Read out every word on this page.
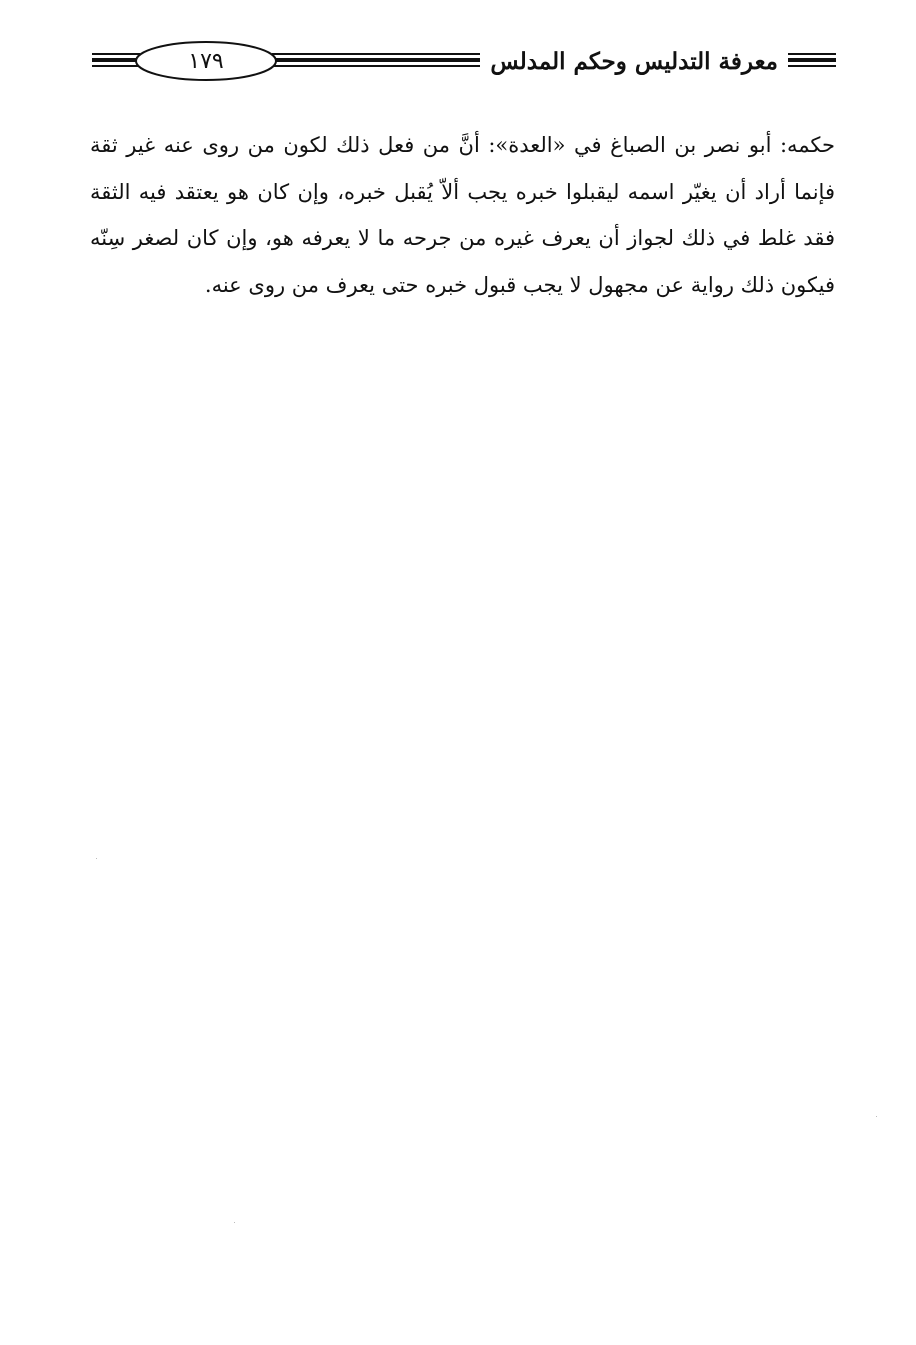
١٧٩	معرفة التدليس وحكم المدلس

حكمه: أبو نصر بن الصباغ في «العدة»: أنَّ من فعل ذلك لكون من روى عنه غير ثقة فإنما أراد أن يغيّر اسمه ليقبلوا خبره يجب ألاّ يُقبل خبره، وإن كان هو يعتقد فيه الثقة فقد غلط في ذلك لجواز أن يعرف غيره من جرحه ما لا يعرفه هو، وإن كان لصغر سِنّه فيكون ذلك رواية عن مجهول لا يجب قبول خبره حتى يعرف من روى عنه.
